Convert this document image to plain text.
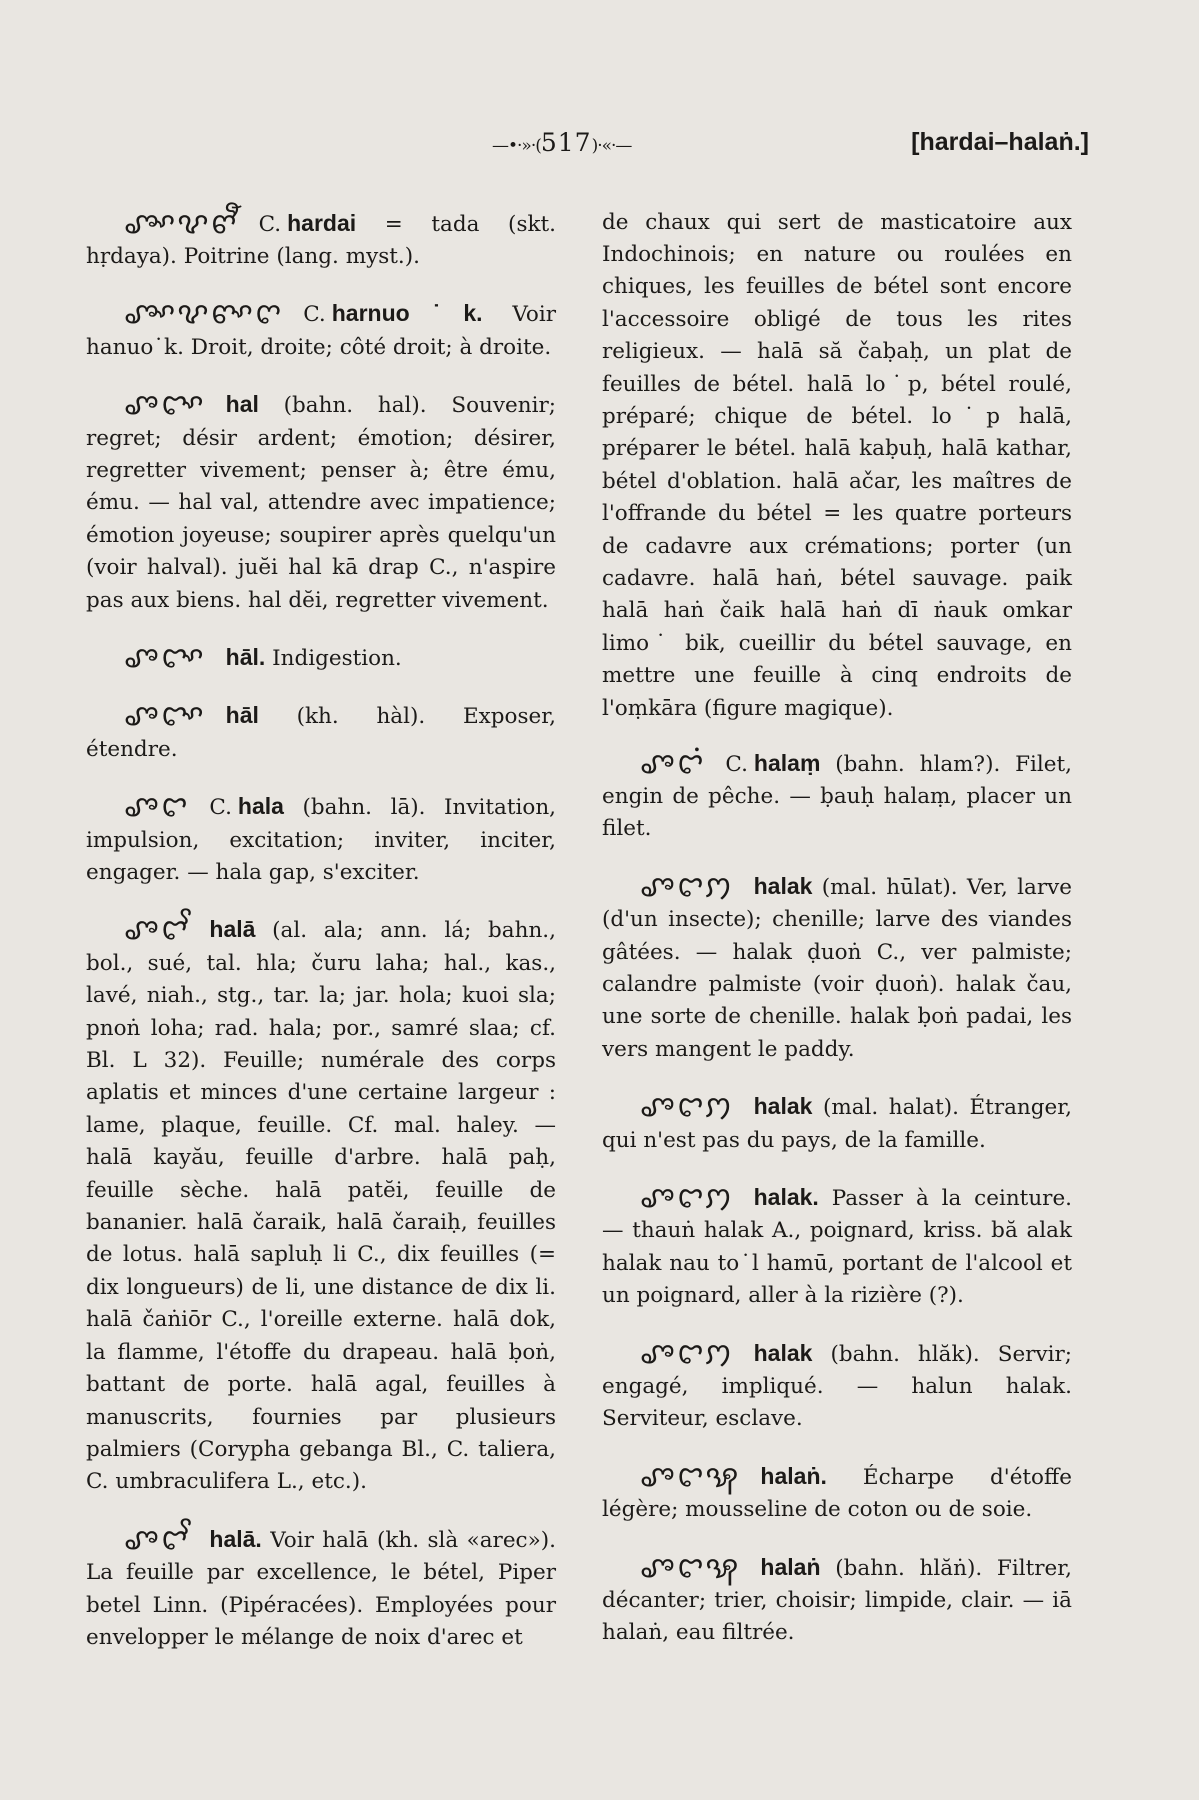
—•·»·(517)·«·—	[hardai–halaṅ.]

ꨨꨳꨖꨓꨬ C. hardai = tada (skt. hṛdaya). Poitrine (lang. myst.).

ꨨꨳꨖꨓꨳꨈ C. harnuo˙k. Voir hanuo˙k. Droit, droite; côté droit; à droite.

ꨨꨤꨳ hal (bahn. hal). Souvenir; regret; désir ardent; émotion; désirer, regretter vivement; penser à; être ému, ému. — hal val, attendre avec impatience; émotion joyeuse; soupirer après quelqu'un (voir halval). juĕi hal kā drap C., n'aspire pas aux biens. hal dĕi, regretter vivement.

ꨨꨤꨳ hāl. Indigestion.

ꨨꨤꨳ hāl (kh. hàl). Exposer, étendre.

ꨨꨤ C. hala (bahn. lā). Invitation, impulsion, excitation; inviter, inciter, engager. — hala gap, s'exciter.

ꨨꨤꨩ halā (al. ala; ann. lá; bahn., bol., sué, tal. hla; čuru laha; hal., kas., lavé, niah., stg., tar. la; jar. hola; kuoi sla; pnoṅ loha; rad. hala; por., samré slaa; cf. Bl. L 32). Feuille; numérale des corps aplatis et minces d'une certaine largeur : lame, plaque, feuille. Cf. mal. haley. — halā kayău, feuille d'arbre. halā paḥ, feuille sèche. halā patĕi, feuille de bananier. halā čaraik, halā čaraiḥ, feuilles de lotus. halā sapluḥ li C., dix feuilles (= dix longueurs) de li, une distance de dix li. halā čaṅiōr C., l'oreille externe. halā dok, la flamme, l'étoffe du drapeau. halā ḅoṅ, battant de porte. halā agal, feuilles à manuscrits, fournies par plusieurs palmiers (Corypha gebanga Bl., C. taliera, C. umbraculifera L., etc.).

ꨨꨤꨩ halā. Voir halā (kh. slà «arec»). La feuille par excellence, le bétel, Piper betel Linn. (Pipéracées). Employées pour envelopper le mélange de noix d'arec et

de chaux qui sert de masticatoire aux Indochinois; en nature ou roulées en chiques, les feuilles de bétel sont encore l'accessoire obligé de tous les rites religieux. — halā să čaḅaḥ, un plat de feuilles de bétel. halā lo˙p, bétel roulé, préparé; chique de bétel. lo˙p halā, préparer le bétel. halā kaḅuḥ, halā kathar, bétel d'oblation. halā ačar, les maîtres de l'offrande du bétel = les quatre porteurs de cadavre aux crémations; porter (un cadavre. halā haṅ, bétel sauvage. paik halā haṅ čaik halā haṅ dī ṅauk omkar limo˙ bik, cueillir du bétel sauvage, en mettre une feuille à cinq endroits de l'oṃkāra (figure magique).

ꨨꨤꩌ C. halaṃ (bahn. hlam?). Filet, engin de pêche. — ḅauḥ halaṃ, placer un filet.

ꨨꨤꩀ halak (mal. hūlat). Ver, larve (d'un insecte); chenille; larve des viandes gâtées. — halak ḍuoṅ C., ver palmiste; calandre palmiste (voir ḍuoṅ). halak čau, une sorte de chenille. halak ḅoṅ padai, les vers mangent le paddy.

ꨨꨤꩀ halak (mal. halat). Étranger, qui n'est pas du pays, de la famille.

ꨨꨤꩀ halak. Passer à la ceinture. — thauṅ halak A., poignard, kriss. bă alak halak nau to˙l hamū, portant de l'alcool et un poignard, aller à la rizière (?).

ꨨꨤꩀ halak (bahn. hlăk). Servir; engagé, impliqué. — halun halak. Serviteur, esclave.

ꨨꨤꩂ halaṅ. Écharpe d'étoffe légère; mousseline de coton ou de soie.

ꨨꨤꩂ halaṅ (bahn. hlăṅ). Filtrer, décanter; trier, choisir; limpide, clair. — iā halaṅ, eau filtrée.
